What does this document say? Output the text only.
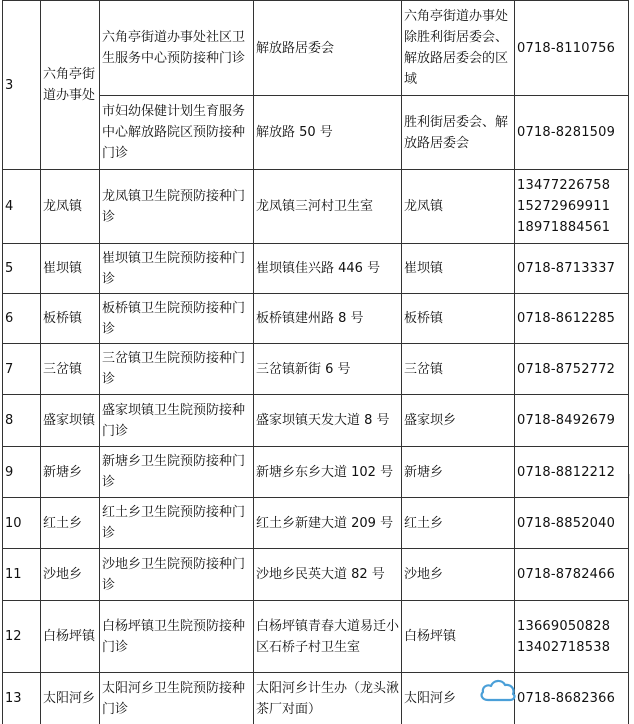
3	六角亭街道办事处	六角亭街道办事处社区卫生服务中心预防接种门诊	解放路居委会	六角亭街道办事处除胜利街居委会、解放路居委会的区域	0718-8110756

		市妇幼保健计划生育服务中心解放路院区预防接种门诊	解放路 50 号	胜利街居委会、解放路居委会	0718-8281509

4	龙凤镇	龙凤镇卫生院预防接种门诊	龙凤镇三河村卫生室	龙凤镇	13477226758
15272969911
18971884561

5	崔坝镇	崔坝镇卫生院预防接种门诊	崔坝镇佳兴路 446 号	崔坝镇	0718-8713337

6	板桥镇	板桥镇卫生院预防接种门诊	板桥镇建州路 8 号	板桥镇	0718-8612285

7	三岔镇	三岔镇卫生院预防接种门诊	三岔镇新街 6 号	三岔镇	0718-8752772

8	盛家坝镇	盛家坝镇卫生院预防接种门诊	盛家坝镇天发大道 8 号	盛家坝乡	0718-8492679

9	新塘乡	新塘乡卫生院预防接种门诊	新塘乡东乡大道 102 号	新塘乡	0718-8812212

10	红土乡	红土乡卫生院预防接种门诊	红土乡新建大道 209 号	红土乡	0718-8852040

11	沙地乡	沙地乡卫生院预防接种门诊	沙地乡民英大道 82 号	沙地乡	0718-8782466

12	白杨坪镇	白杨坪镇卫生院预防接种门诊	白杨坪镇青春大道易迁小区石桥子村卫生室	白杨坪镇	13669050828
13402718538

13	太阳河乡	太阳河乡卫生院预防接种门诊	太阳河乡计生办（龙头湫茶厂对面）	太阳河乡	0718-8682366
